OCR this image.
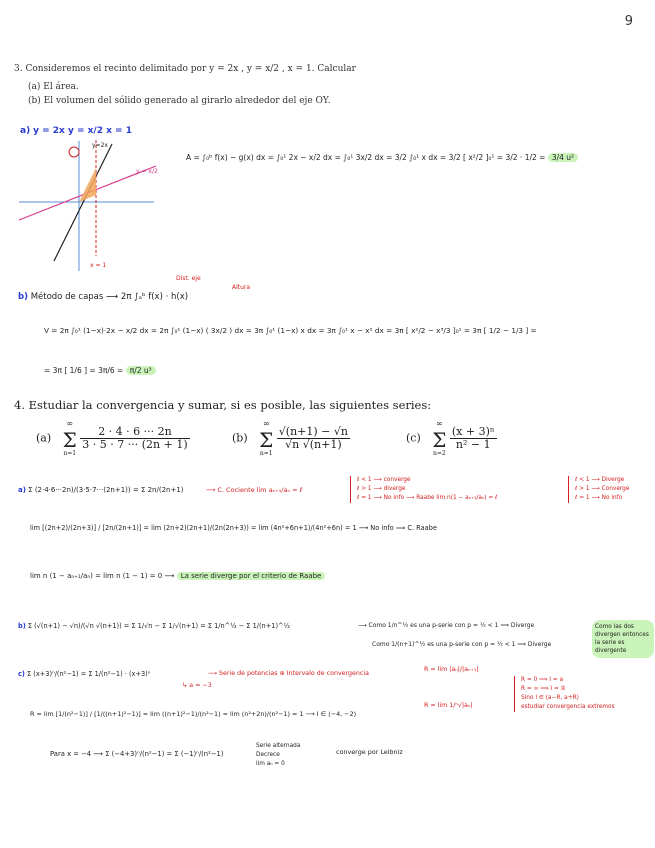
9
3. Consideremos el recinto delimitado por y = 2x , y = x/2 , x = 1. Calcular
(a) El área.
(b) El volumen del sólido generado al girarlo alrededor del eje OY.
a) y = 2x y = x/2 x = 1
y=2x
y = x/2
x = 1
A = ∫₀ᵇ f(x) − g(x) dx = ∫₀¹ 2x − x/2 dx = ∫₀¹ 3x/2 dx = 3/2 ∫₀¹ x dx = 3/2 [ x²/2 ]₀¹ = 3/2 · 1/2 = 3/4 u²
Dist. eje
Altura
b) Método de capas ⟶ 2π ∫ₐᵇ f(x) · h(x)
V = 2π ∫₀¹ (1−x)·2x − x/2 dx = 2π ∫₀¹ (1−x) ( 3x/2 ) dx = 3π ∫₀¹ (1−x) x dx = 3π ∫₀¹ x − x² dx = 3π [ x²/2 − x³/3 ]₀¹ = 3π [ 1/2 − 1/3 ] =
= 3π [ 1/6 ] = 3π/6 = π/2 u³
4. Estudiar la convergencia y sumar, si es posible, las siguientes series:
(a)
∞
Σ
n=1

$\frac{2 \cdot 4 \cdot 6 \cdot\cdot\cdot 2n}{3 \cdot 5 \cdot 7 \cdot\cdot\cdot (2n + 1)}$	(b)
∞
Σ
n=1

$\frac{√(n+1) - √n}{√n √(n+1)}$	(c)
∞
Σ
n=2

$\frac{\text{(x + 3)ⁿ}}{\text{n² − 1}}$
a) Σ (2·4·6···2n)/(3·5·7···(2n+1)) = Σ 2n/(2n+1)	⟶ C. Cociente lim aₙ₊₁/aₙ = ℓ
ℓ < 1 ⟶ converge
ℓ > 1 ⟶ diverge
ℓ = 1 ⟶ No info ⟶ Raabe lim n(1 − aₙ₊₁/aₙ) = ℓ
ℓ < 1 ⟶ Diverge
ℓ > 1 ⟶ Converge
ℓ = 1 ⟶ No info
lim [(2n+2)/(2n+3)] / [2n/(2n+1)] = lim (2n+2)(2n+1)/(2n(2n+3)) = lim (4n²+6n+1)/(4n²+6n) = 1 ⟶ No info ⟹ C. Raabe
lim n (1 − aₙ₊₁/aₙ) = lim n (1 − 1) = 0 ⟶ La serie diverge por el criterio de Raabe
b) Σ (√(n+1) − √n)/(√n √(n+1)) = Σ 1/√n − Σ 1/√(n+1) = Σ 1/n^½ − Σ 1/(n+1)^½	⟶ Como 1/n^½ es una p-serie con p = ½ < 1 ⟹ Diverge
Como 1/(n+1)^½ es una p-serie con p = ½ < 1 ⟹ Diverge
Como las dos divergen entonces la serie es divergente
c) Σ (x+3)ⁿ/(n²−1) = Σ 1/(n²−1) · (x+3)ⁿ	⟶ Serie de potencias ⊕ Intervalo de convergencia
↳ a = −3
R = lim |aₙ|/|aₙ₊₁|
R = lim 1/ⁿ√|aₙ|
R = 0 ⟹ I = a
R = ∞ ⟹ I = ℝ
Sino I ∈ (a−R, a+R)
estudiar convergencia extremos
R = lim [1/(n²−1)] / [1/((n+1)²−1)] = lim ((n+1)²−1)/(n²−1) = lim (n²+2n)/(n²−1) = 1 ⟶ I ∈ (−4, −2)
Para x = −4 ⟶ Σ (−4+3)ⁿ/(n²−1) = Σ (−1)ⁿ/(n²−1)
Serie alternada
Decrece
lim aₙ = 0
converge por Leibniz
